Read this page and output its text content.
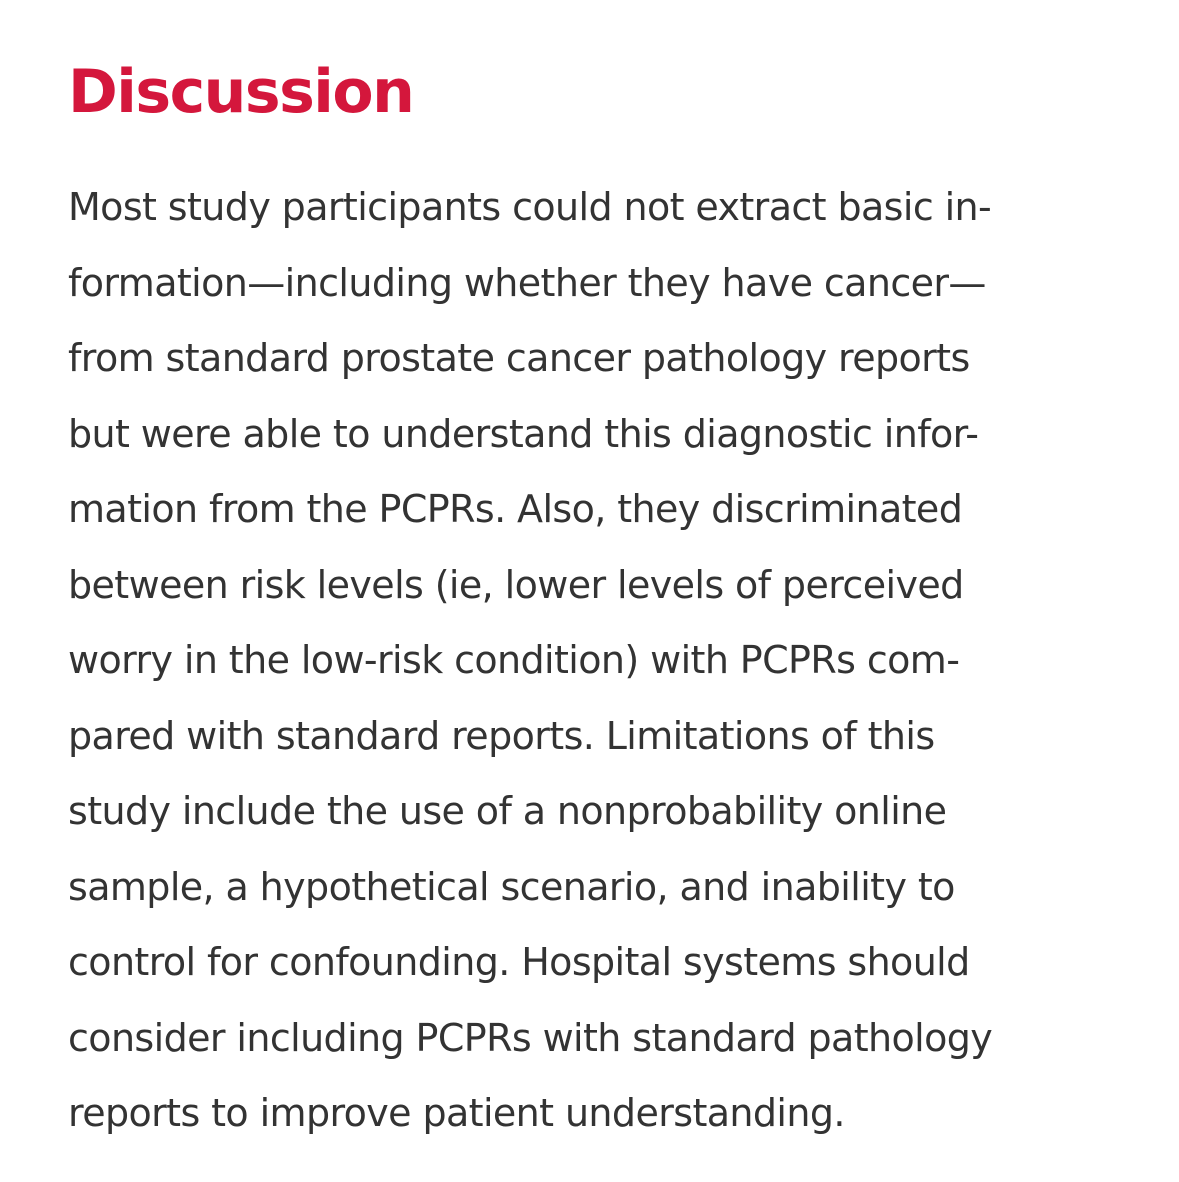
Discussion
Most study participants could not extract basic in-
formation—including whether they have cancer—
from standard prostate cancer pathology reports
but were able to understand this diagnostic infor-
mation from the PCPRs. Also, they discriminated
between risk levels (ie, lower levels of perceived
worry in the low-risk condition) with PCPRs com-
pared with standard reports. Limitations of this
study include the use of a nonprobability online
sample, a hypothetical scenario, and inability to
control for confounding. Hospital systems should
consider including PCPRs with standard pathology
reports to improve patient understanding.
